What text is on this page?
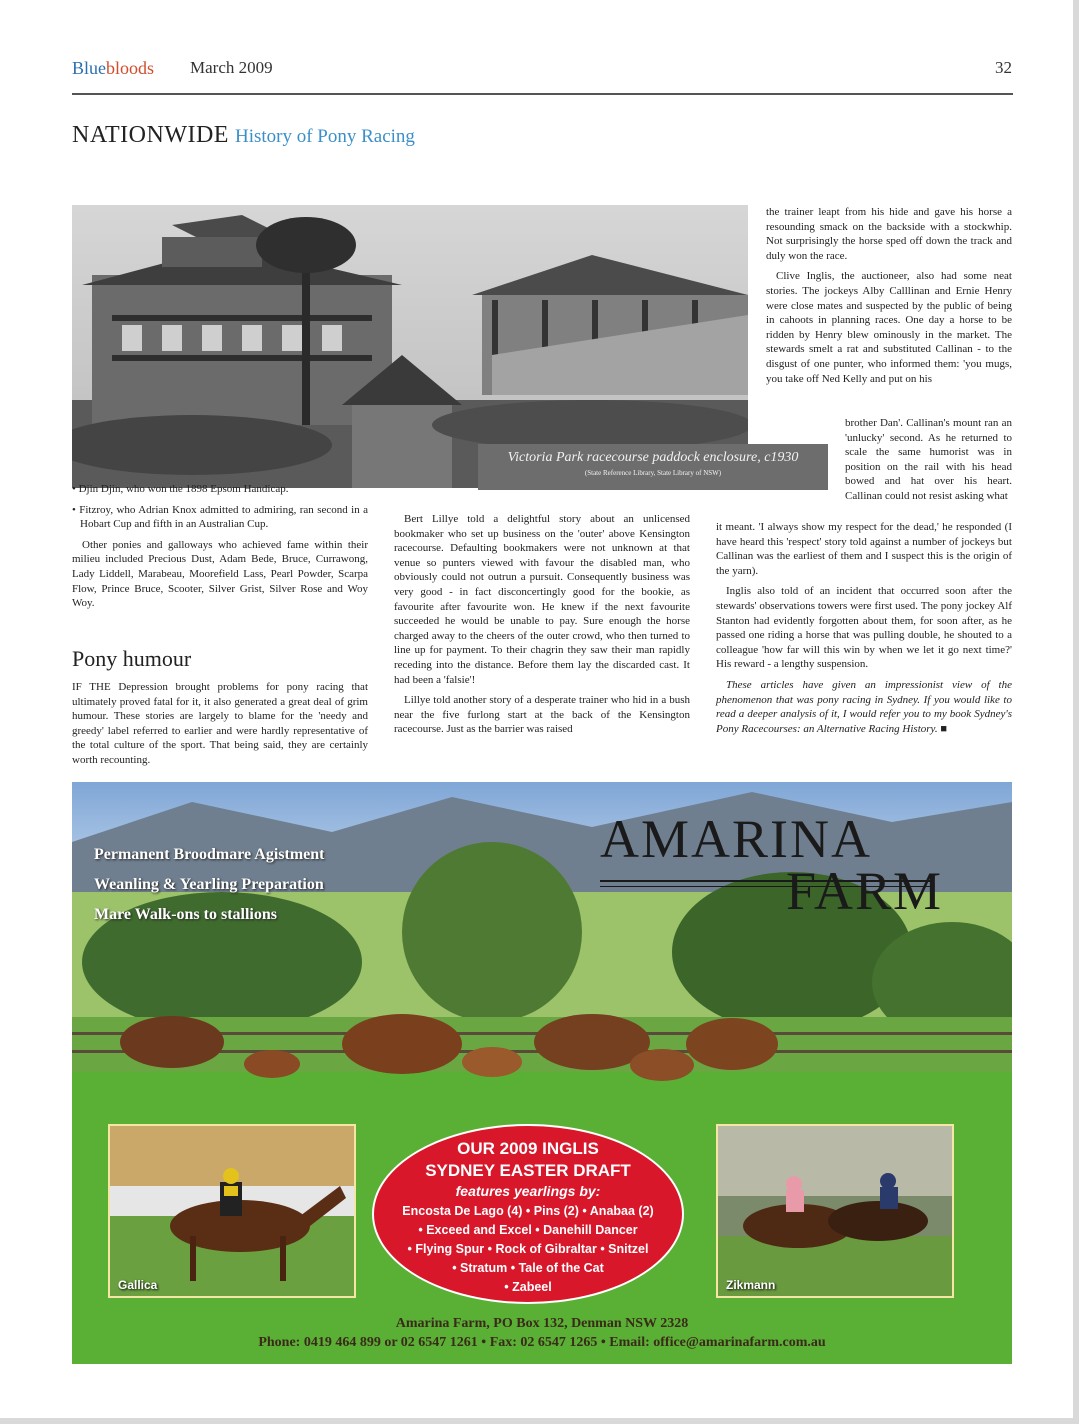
Bluebloods March 2009	32
NATIONWIDE History of Pony Racing
Victoria Park racecourse paddock enclosure, c1930
(State Reference Library, State Library of NSW)

• Djin Djin, who won the 1898 Epsom Handicap.

• Fitzroy, who Adrian Knox admitted to admiring, ran second in a Hobart Cup and fifth in an Australian Cup.

Other ponies and galloways who achieved fame within their milieu included Precious Dust, Adam Bede, Bruce, Currawong, Lady Liddell, Marabeau, Moorefield Lass, Pearl Powder, Scarpa Flow, Prince Bruce, Scooter, Silver Grist, Silver Rose and Woy Woy.

Pony humour

IF THE Depression brought problems for pony racing that ultimately proved fatal for it, it also generated a great deal of grim humour. These stories are largely to blame for the 'needy and greedy' label referred to earlier and were hardly representative of the total culture of the sport. That being said, they are certainly worth recounting.

Bert Lillye told a delightful story about an unlicensed bookmaker who set up business on the 'outer' above Kensington racecourse. Defaulting bookmakers were not unknown at that venue so punters viewed with favour the disabled man, who obviously could not outrun a pursuit. Consequently business was very good - in fact disconcertingly good for the bookie, as favourite after favourite won. He knew if the next favourite succeeded he would be unable to pay. Sure enough the horse charged away to the cheers of the outer crowd, who then turned to line up for payment. To their chagrin they saw their man rapidly receding into the distance. Before them lay the discarded cast. It had been a 'falsie'!

Lillye told another story of a desperate trainer who hid in a bush near the five furlong start at the back of the Kensington racecourse. Just as the barrier was raised

the trainer leapt from his hide and gave his horse a resounding smack on the backside with a stockwhip. Not surprisingly the horse sped off down the track and duly won the race.

Clive Inglis, the auctioneer, also had some neat stories. The jockeys Alby Calllinan and Ernie Henry were close mates and suspected by the public of being in cahoots in planning races. One day a horse to be ridden by Henry blew ominously in the market. The stewards smelt a rat and substituted Callinan - to the disgust of one punter, who informed them: 'you mugs, you take off Ned Kelly and put on his

brother Dan'. Callinan's mount ran an 'unlucky' second. As he returned to scale the same humorist was in position on the rail with his head bowed and hat over his heart. Callinan could not resist asking what

it meant. 'I always show my respect for the dead,' he responded (I have heard this 'respect' story told against a number of jockeys but Callinan was the earliest of them and I suspect this is the origin of the yarn).

Inglis also told of an incident that occurred soon after the stewards' observations towers were first used. The pony jockey Alf Stanton had evidently forgotten about them, for soon after, as he passed one riding a horse that was pulling double, he shouted to a colleague 'how far will this win by when we let it go next time?' His reward - a lengthy suspension.

These articles have given an impressionist view of the phenomenon that was pony racing in Sydney. If you would like to read a deeper analysis of it, I would refer you to my book Sydney's Pony Racecourses: an Alternative Racing History. ■

Permanent Broodmare Agistment
Weanling & Yearling Preparation
Mare Walk-ons to stallions
AMARINA
FARM
Gallica	Zikmann
OUR 2009 INGLIS
SYDNEY EASTER DRAFT
features yearlings by:
Encosta De Lago (4) • Pins (2) • Anabaa (2)
• Exceed and Excel • Danehill Dancer
• Flying Spur • Rock of Gibraltar • Snitzel
• Stratum • Tale of the Cat
• Zabeel
Amarina Farm, PO Box 132, Denman NSW 2328
Phone: 0419 464 899 or 02 6547 1261 • Fax: 02 6547 1265 • Email: office@amarinafarm.com.au
